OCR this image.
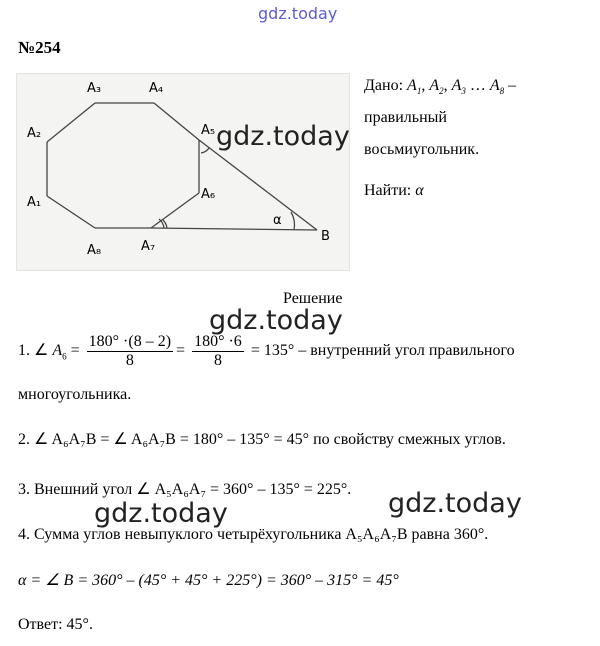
gdz.today
№254
A₁
A₂
A₃	A₄
A₅
A₆
A₇
A₈
B
α
gdz.today
Дано: $A_1$, $A_2$, $A_3$ … $A_8$ –
правильный
восьмиугольник.
Найти: α
Решение
gdz.today
1. ∠ $A_6 = \frac{180^\circ \cdot(8 - 2)}{8} = \frac{180^\circ \cdot 6}{8} = 135^\circ$ – внутренний угол правильного
многоугольника.
2. ∠ A₆A₇B = ∠ A₆A₇B = 180° – 135° = 45° по свойству смежных углов.
3. Внешний угол ∠ A₅A₆A₇ = 360° – 135° = 225°. gdz.today
gdz.today
4. Сумма углов невыпуклого четырёхугольника A₅A₆A₇B равна 360°.
α = ∠ B = 360° – (45° + 45° + 225°) = 360° – 315° = 45°
Ответ: 45°.
